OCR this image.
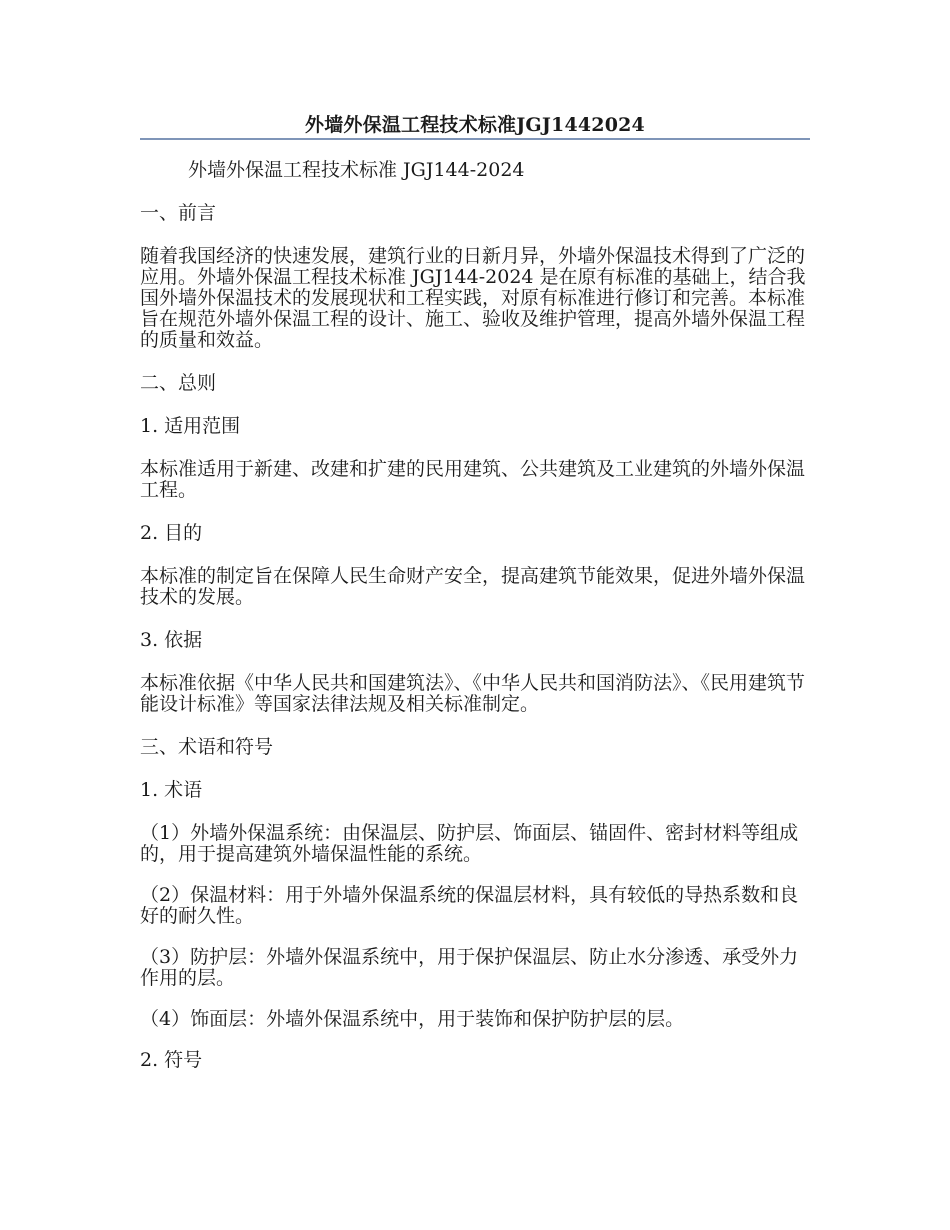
外墙外保温工程技术标准JGJ1442024

外墙外保温工程技术标准 JGJ144-2024

一、前言

随着我国经济的快速发展，建筑行业的日新月异，外墙外保温技术得到了广泛的应用。外墙外保温工程技术标准 JGJ144-2024 是在原有标准的基础上，结合我国外墙外保温技术的发展现状和工程实践，对原有标准进行修订和完善。本标准旨在规范外墙外保温工程的设计、施工、验收及维护管理，提高外墙外保温工程的质量和效益。

二、总则

1. 适用范围

本标准适用于新建、改建和扩建的民用建筑、公共建筑及工业建筑的外墙外保温工程。

2. 目的

本标准的制定旨在保障人民生命财产安全，提高建筑节能效果，促进外墙外保温技术的发展。

3. 依据

本标准依据《中华人民共和国建筑法》、《中华人民共和国消防法》、《民用建筑节能设计标准》等国家法律法规及相关标准制定。

三、术语和符号

1. 术语

（1）外墙外保温系统：由保温层、防护层、饰面层、锚固件、密封材料等组成的，用于提高建筑外墙保温性能的系统。

（2）保温材料：用于外墙外保温系统的保温层材料，具有较低的导热系数和良好的耐久性。

（3）防护层：外墙外保温系统中，用于保护保温层、防止水分渗透、承受外力作用的层。

（4）饰面层：外墙外保温系统中，用于装饰和保护防护层的层。

2. 符号
